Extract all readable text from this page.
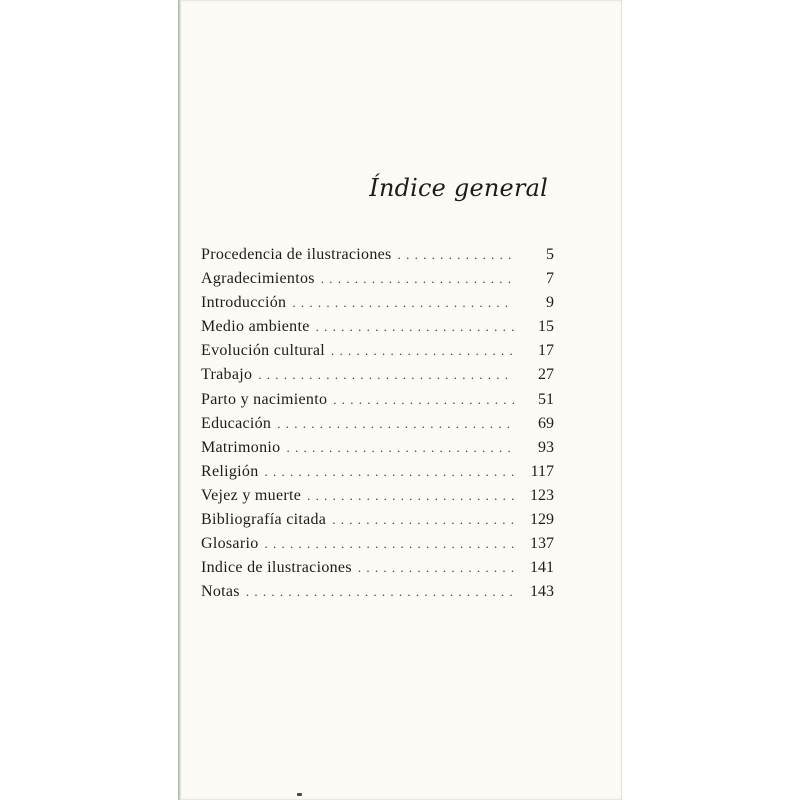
Índice general
Procedencia de ilustraciones . . .	5
Agradecimientos . . .	7
Introducción . . .	9
Medio ambiente . . .	15
Evolución cultural . . .	17
Trabajo . . .	27
Parto y nacimiento . . .	51
Educación . . .	69
Matrimonio . . .	93
Religión . . .	117
Vejez y muerte . . .	123
Bibliografía citada . . .	129
Glosario . . .	137
Indice de ilustraciones . . .	141
Notas . . .	143
